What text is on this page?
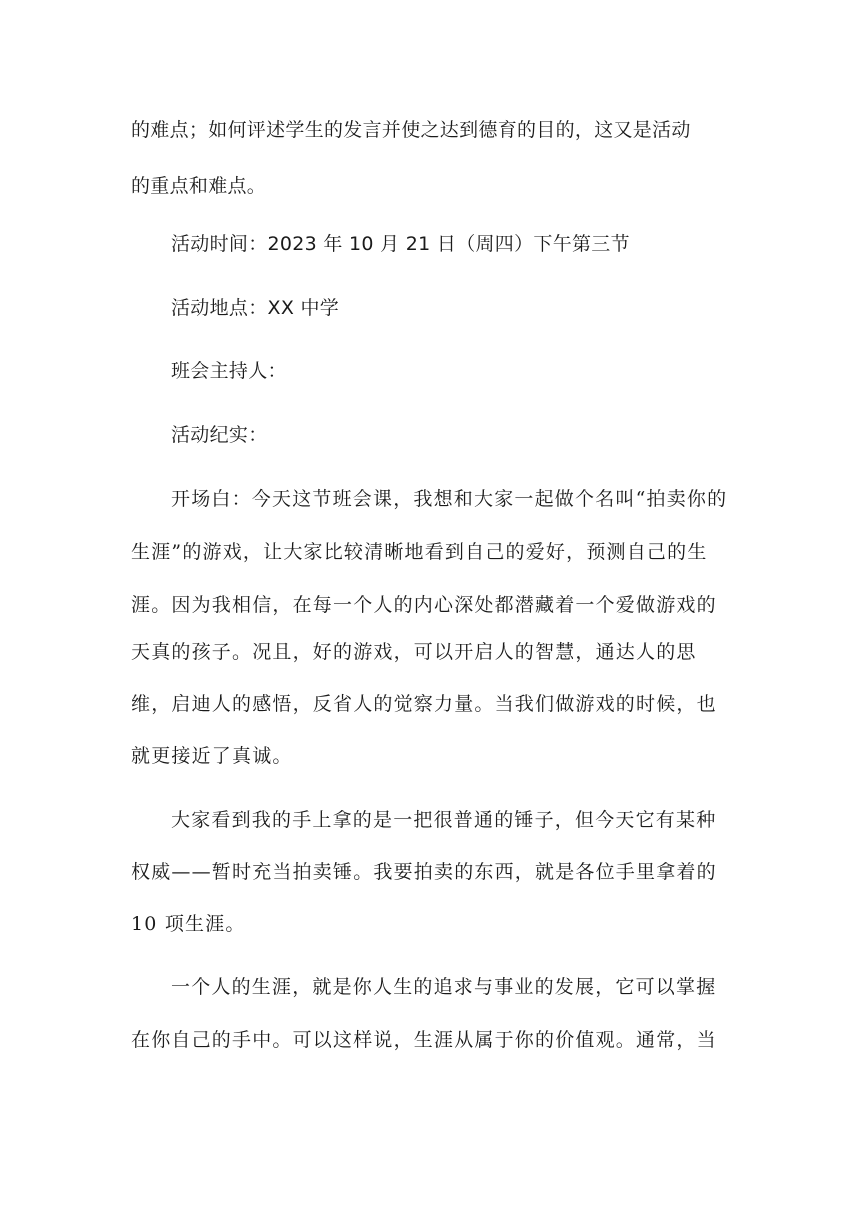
的难点；如何评述学生的发言并使之达到德育的目的，这又是活动
的重点和难点。
活动时间：2023 年 10 月 21 日（周四）下午第三节
活动地点：XX 中学
班会主持人：
活动纪实：
开场白：今天这节班会课，我想和大家一起做个名叫“拍卖你的
生涯”的游戏，让大家比较清晰地看到自己的爱好，预测自己的生
涯。因为我相信，在每一个人的内心深处都潜藏着一个爱做游戏的
天真的孩子。况且，好的游戏，可以开启人的智慧，通达人的思
维，启迪人的感悟，反省人的觉察力量。当我们做游戏的时候，也
就更接近了真诚。
大家看到我的手上拿的是一把很普通的锤子，但今天它有某种
权威——暂时充当拍卖锤。我要拍卖的东西，就是各位手里拿着的
10 项生涯。
一个人的生涯，就是你人生的追求与事业的发展，它可以掌握
在你自己的手中。可以这样说，生涯从属于你的价值观。通常，当
